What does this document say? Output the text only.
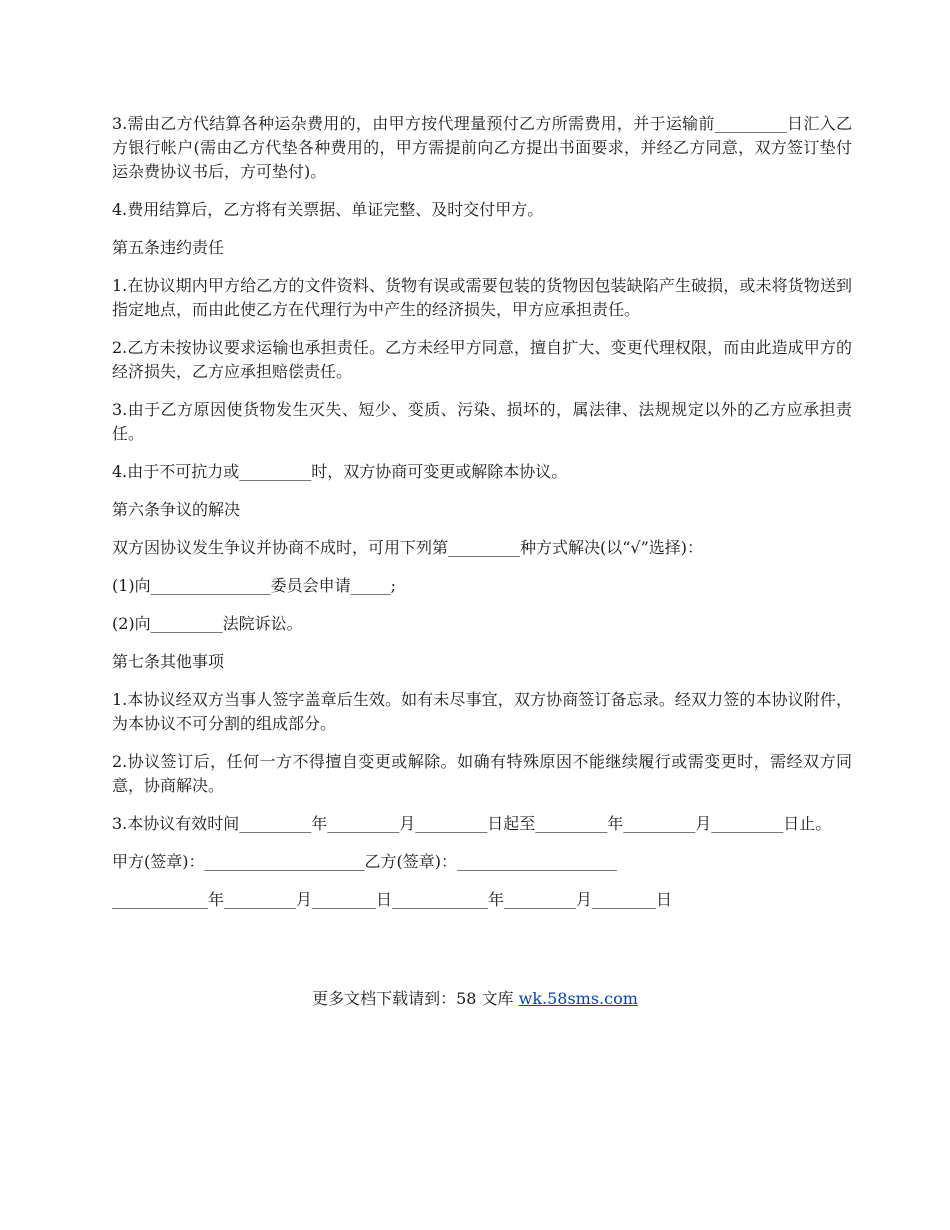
3.需由乙方代结算各种运杂费用的，由甲方按代理量预付乙方所需费用，并于运输前_________日汇入乙方银行帐户(需由乙方代垫各种费用的，甲方需提前向乙方提出书面要求，并经乙方同意，双方签订垫付运杂费协议书后，方可垫付)。

4.费用结算后，乙方将有关票据、单证完整、及时交付甲方。

第五条违约责任

1.在协议期内甲方给乙方的文件资料、货物有误或需要包装的货物因包装缺陷产生破损，或未将货物送到指定地点，而由此使乙方在代理行为中产生的经济损失，甲方应承担责任。

2.乙方未按协议要求运输也承担责任。乙方未经甲方同意，擅自扩大、变更代理权限，而由此造成甲方的经济损失，乙方应承担赔偿责任。

3.由于乙方原因使货物发生灭失、短少、变质、污染、损坏的，属法律、法规规定以外的乙方应承担责任。

4.由于不可抗力或_________时，双方协商可变更或解除本协议。

第六条争议的解决

双方因协议发生争议并协商不成时，可用下列第_________种方式解决(以“√”选择)：

(1)向_______________委员会申请_____;

(2)向_________法院诉讼。

第七条其他事项

1.本协议经双方当事人签字盖章后生效。如有未尽事宜，双方协商签订备忘录。经双力签的本协议附件，为本协议不可分割的组成部分。

2.协议签订后，任何一方不得擅自变更或解除。如确有特殊原因不能继续履行或需变更时，需经双方同意，协商解决。

3.本协议有效时间_________年_________月_________日起至_________年_________月_________日止。

甲方(签章)：____________________乙方(签章)：____________________

____________年_________月________日____________年_________月________日

更多文档下载请到：58 文库 wk.58sms.com
